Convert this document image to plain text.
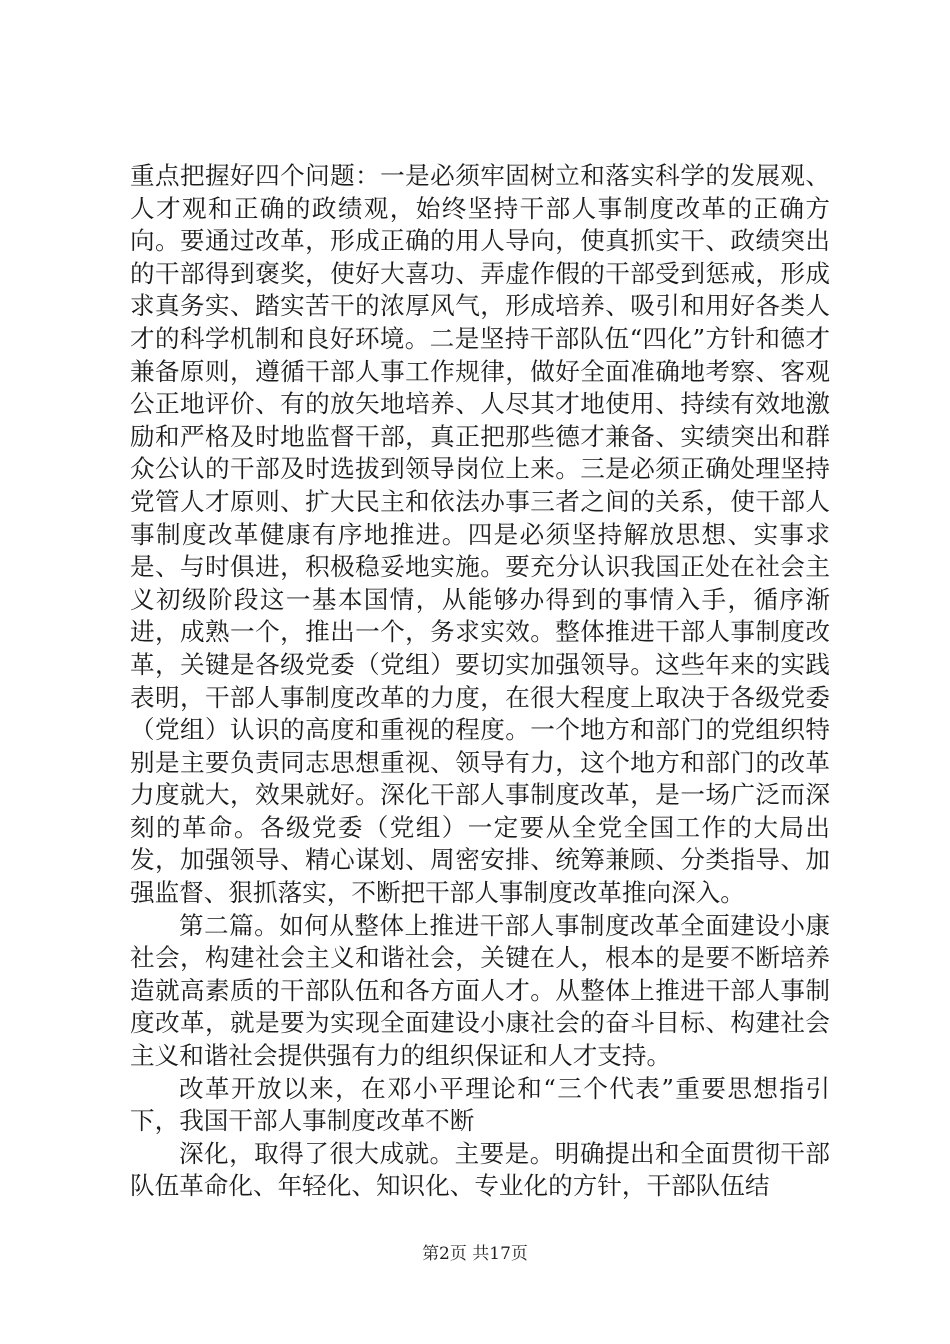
重点把握好四个问题：一是必须牢固树立和落实科学的发展观、人才观和正确的政绩观，始终坚持干部人事制度改革的正确方向。要通过改革，形成正确的用人导向，使真抓实干、政绩突出的干部得到褒奖，使好大喜功、弄虚作假的干部受到惩戒，形成求真务实、踏实苦干的浓厚风气，形成培养、吸引和用好各类人才的科学机制和良好环境。二是坚持干部队伍“四化”方针和德才兼备原则，遵循干部人事工作规律，做好全面准确地考察、客观公正地评价、有的放矢地培养、人尽其才地使用、持续有效地激励和严格及时地监督干部，真正把那些德才兼备、实绩突出和群众公认的干部及时选拔到领导岗位上来。三是必须正确处理坚持党管人才原则、扩大民主和依法办事三者之间的关系，使干部人事制度改革健康有序地推进。四是必须坚持解放思想、实事求是、与时俱进，积极稳妥地实施。要充分认识我国正处在社会主义初级阶段这一基本国情，从能够办得到的事情入手，循序渐进，成熟一个，推出一个，务求实效。整体推进干部人事制度改革，关键是各级党委（党组）要切实加强领导。这些年来的实践表明，干部人事制度改革的力度，在很大程度上取决于各级党委（党组）认识的高度和重视的程度。一个地方和部门的党组织特别是主要负责同志思想重视、领导有力，这个地方和部门的改革力度就大，效果就好。深化干部人事制度改革，是一场广泛而深刻的革命。各级党委（党组）一定要从全党全国工作的大局出发，加强领导、精心谋划、周密安排、统筹兼顾、分类指导、加强监督、狠抓落实，不断把干部人事制度改革推向深入。

第二篇。如何从整体上推进干部人事制度改革全面建设小康社会，构建社会主义和谐社会，关键在人，根本的是要不断培养造就高素质的干部队伍和各方面人才。从整体上推进干部人事制度改革，就是要为实现全面建设小康社会的奋斗目标、构建社会主义和谐社会提供强有力的组织保证和人才支持。

改革开放以来，在邓小平理论和“三个代表”重要思想指引下，我国干部人事制度改革不断

深化，取得了很大成就。主要是。明确提出和全面贯彻干部队伍革命化、年轻化、知识化、专业化的方针，干部队伍结

第2页 共17页
